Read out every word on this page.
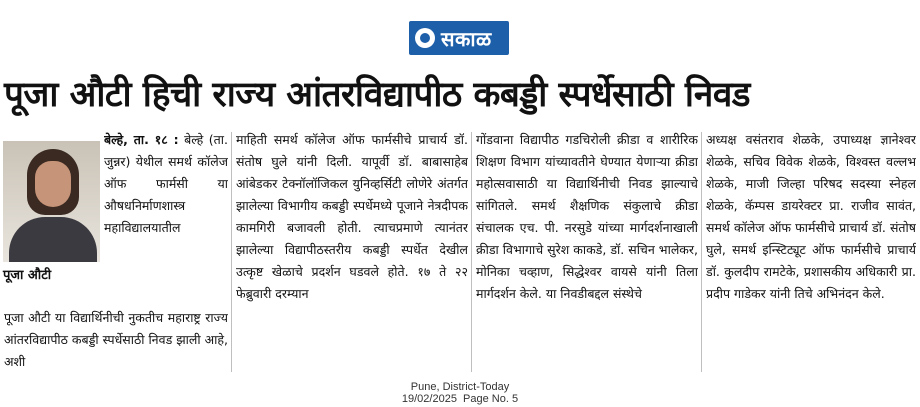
सकाळ
पूजा औटी हिची राज्य आंतरविद्यापीठ कबड्डी स्पर्धेसाठी निवड
पूजा औटी
बेल्हे, ता. १८ : बेल्हे (ता. जुन्नर) येथील समर्थ कॉलेज ऑफ फार्मसी या औषधनिर्माणशास्त्र महाविद्यालयातील
पूजा औटी या विद्यार्थिनीची नुकतीच महाराष्ट्र राज्य आंतरविद्यापीठ कबड्डी स्पर्धेसाठी निवड झाली आहे, अशी
माहिती समर्थ कॉलेज ऑफ फार्मसीचे प्राचार्य डॉ. संतोष घुले यांनी दिली. यापूर्वी डॉ. बाबासाहेब आंबेडकर टेक्नॉलॉजिकल युनिव्हर्सिटी लोणेरे अंतर्गत झालेल्या विभागीय कबड्डी स्पर्धेमध्ये पूजाने नेत्रदीपक कामगिरी बजावली होती. त्याचप्रमाणे त्यानंतर झालेल्या विद्यापीठस्तरीय कबड्डी स्पर्धेत देखील उत्कृष्ट खेळाचे प्रदर्शन घडवले होते. १७ ते २२ फेब्रुवारी दरम्यान
गोंडवाना विद्यापीठ गडचिरोली क्रीडा व शारीरिक शिक्षण विभाग यांच्यावतीने घेण्यात येणाऱ्या क्रीडा महोत्सवासाठी या विद्यार्थिनीची निवड झाल्याचे सांगितले. समर्थ शैक्षणिक संकुलाचे क्रीडा संचालक एच. पी. नरसुडे यांच्या मार्गदर्शनाखाली क्रीडा विभागाचे सुरेश काकडे, डॉ. सचिन भालेकर, मोनिका चव्हाण, सिद्धेश्वर वायसे यांनी तिला मार्गदर्शन केले. या निवडीबद्दल संस्थेचे
अध्यक्ष वसंतराव शेळके, उपाध्यक्ष ज्ञानेश्वर शेळके, सचिव विवेक शेळके, विश्वस्त वल्लभ शेळके, माजी जिल्हा परिषद सदस्या स्नेहल शेळके, कॅम्पस डायरेक्टर प्रा. राजीव सावंत, समर्थ कॉलेज ऑफ फार्मसीचे प्राचार्य डॉ. संतोष घुले, समर्थ इन्स्टिट्यूट ऑफ फार्मसीचे प्राचार्य डॉ. कुलदीप रामटेके, प्रशासकीय अधिकारी प्रा. प्रदीप गाडेकर यांनी तिचे अभिनंदन केले.
Pune, District-Today
19/02/2025  Page No. 5
